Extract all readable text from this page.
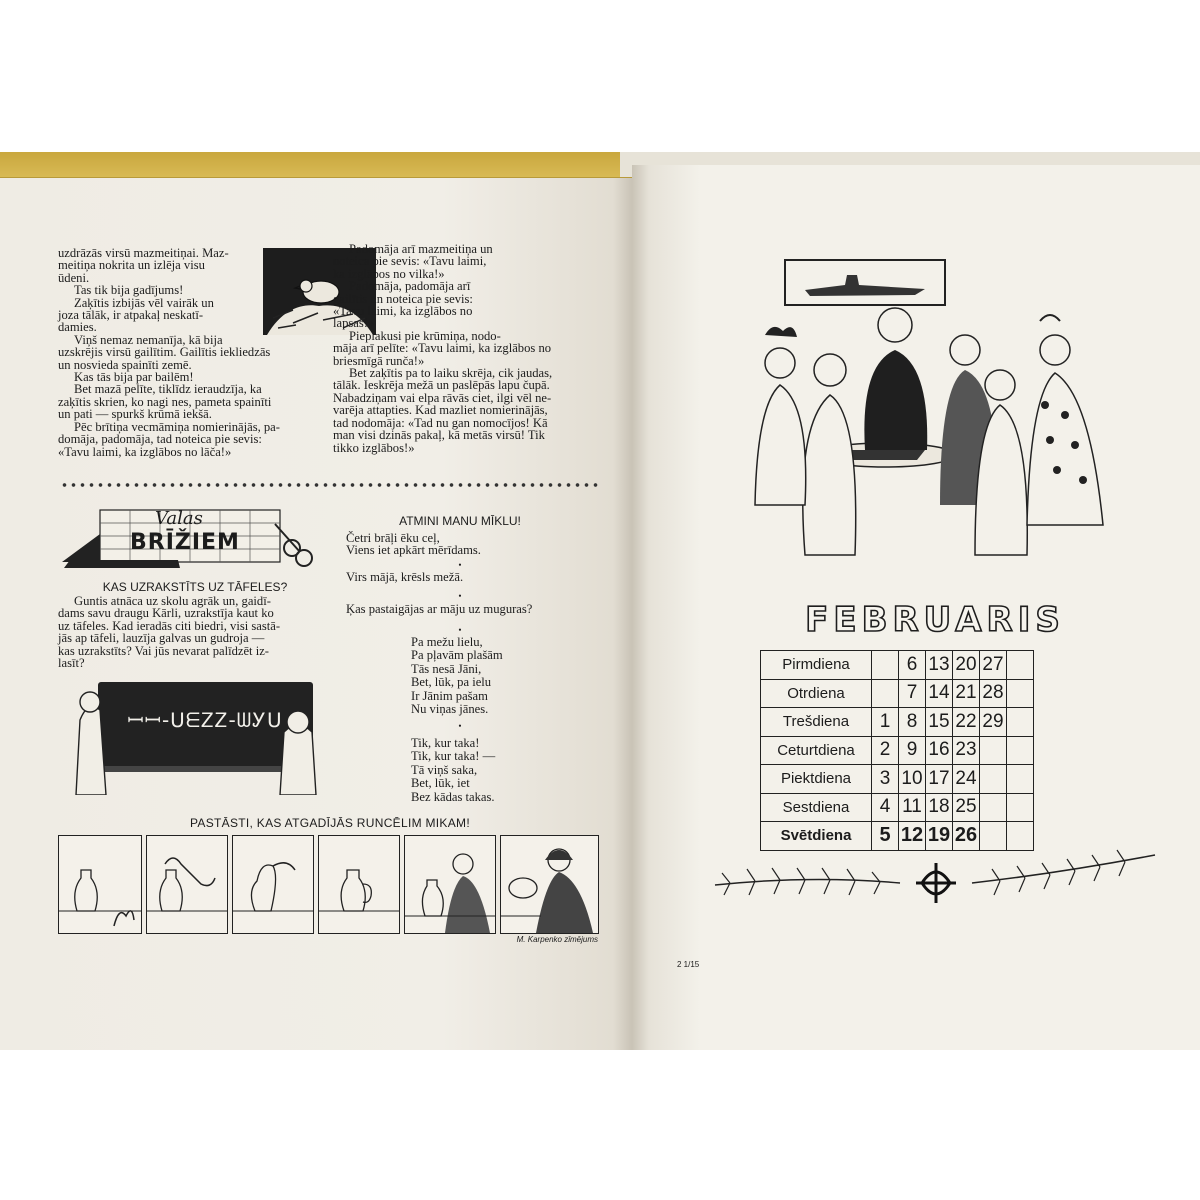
uzdrāzās virsū mazmeitiņai. Maz-

meitiņa nokrita un izlēja visu

ūdeni.

Tas tik bija gadījums!

Zaķītis izbijās vēl vairāk un

joza tālāk, ir atpakaļ neskatī-

damies.

Viņš nemaz nemanīja, kā bija

uzskrējis virsū gailītim. Gailītis iekliedzās

un nosviedа spainīti zemē.

Kas tās bija par bailēm!

Bet mazā pelīte, tiklīdz ieraudzīja, ka

zaķītis skrien, ko nagi nes, pameta spainīti

un pati — spurkš krūmā iekšā.

Pēc brītiņa vecmāmiņa nomierinājās, pa-

domāja, padomāja, tad noteica pie sevis:

«Tavu laimi, ka izglābos no lāča!»

Padomāja arī mazmeitiņa un

noteica pie sevis: «Tavu laimi,

ka izglābos no vilka!»

Padomāja, padomāja arī

gailītis un noteica pie sevis:

«Tavu laimi, ka izglābos no

lapsas!»

Pieplakusi pie krūmiņa, nodo-

māja arī pelīte: «Tavu laimi, ka izglābos no

briesmīgā runča!»

Bet zaķītis pa to laiku skrēja, cik jaudas,

tālāk. Ieskrēja mežā un paslēpās lapu čupā.

Nabadziņam vai elpa rāvās ciet, ilgi vēl ne-

varēja attapties. Kad mazliet nomierinājās,

tad nodomāja: «Tad nu gan nomocījos! Kā

man visi dzinās pakaļ, kā metās virsū! Tik

tikko izglābos!»

Valas
BRĪŽIEM
KAS UZRAKSTĪTS UZ TĀFELES?

Guntis atnāca uz skolu agrāk un, gaidī-

dams savu draugu Kārli, uzrakstīja kaut ko

uz tāfeles. Kad ieradās citi biedri, visi sastā-

jās ap tāfeli, lauzīja galvas un gudroja —

kas uzrakstīts? Vai jūs nevarat palīdzēt iz-

lasīt?

ꟷꟷ-ᑌᗴᏃᏃ-ᗯᎩᑌ
ATMINI MANU MĪKLU!

Četri brāļi ēku ceļ,

Viens iet apkārt mērīdams.

•

Virs mājā, krēsls mežā.

•

Ķas pastaigājas ar māju uz muguras?

•

Pa mežu lielu,

Pa pļavām plašām

Tās nesā Jāni,

Bet, lūk, pa ielu

Ir Jānim pašam

Nu viņas jānes.

•

Tik, kur taka!

Tik, kur taka! —

Tā viņš saka,

Bet, lūk, iet

Bez kādas takas.

PASTĀSTI, KAS ATGADĪJĀS RUNCĒLIM MIKAM!
M. Karpenko zīmējums
FEBRUARIS
Pirmdiena		6	13	20	27	
Otrdiena		7	14	21	28	
Trešdiena	1	8	15	22	29	
Ceturtdiena	2	9	16	23		
Piektdiena	3	10	17	24		
Sestdiena	4	11	18	25		
Svētdiena	5	12	19	26		
2 1/15
